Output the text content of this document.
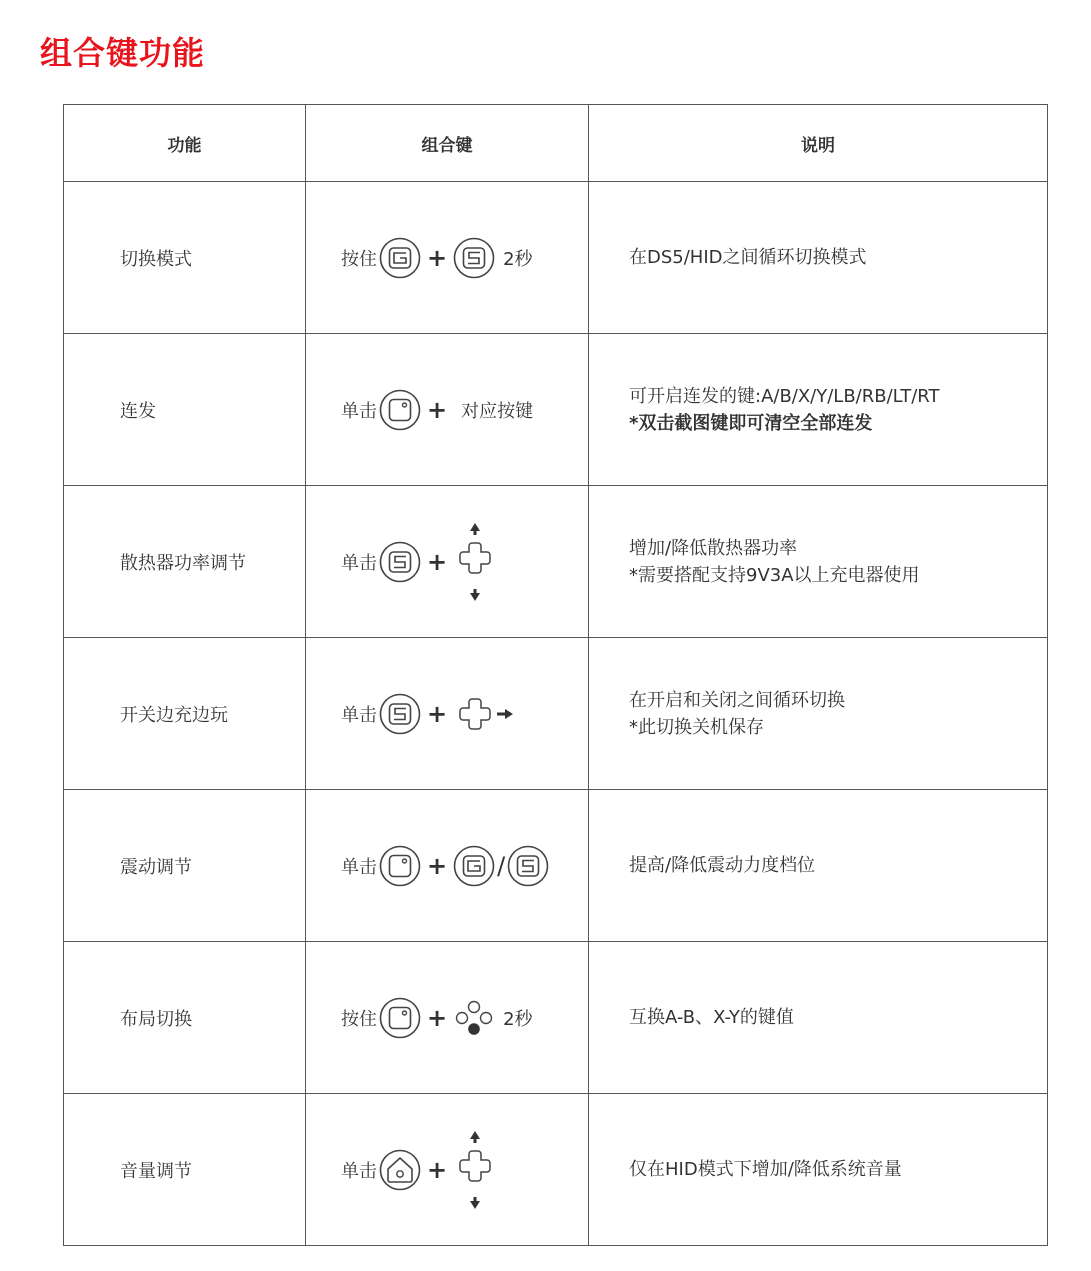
组合键功能
功能	组合键	说明
切换模式	按住 + 2秒	在DS5/HID之间循环切换模式

连发	单击 + 对应按键	可开启连发的键:A/B/X/Y/LB/RB/LT/RT
*双击截图键即可清空全部连发

散热器功率调节	单击 +	增加/降低散热器功率
*需要搭配支持9V3A以上充电器使用

开关边充边玩	单击 +	在开启和关闭之间循环切换
*此切换关机保存

震动调节	单击 + /	提高/降低震动力度档位

布局切换	按住 + 2秒	互换A-B、X-Y的键值

音量调节	单击 +	仅在HID模式下增加/降低系统音量
